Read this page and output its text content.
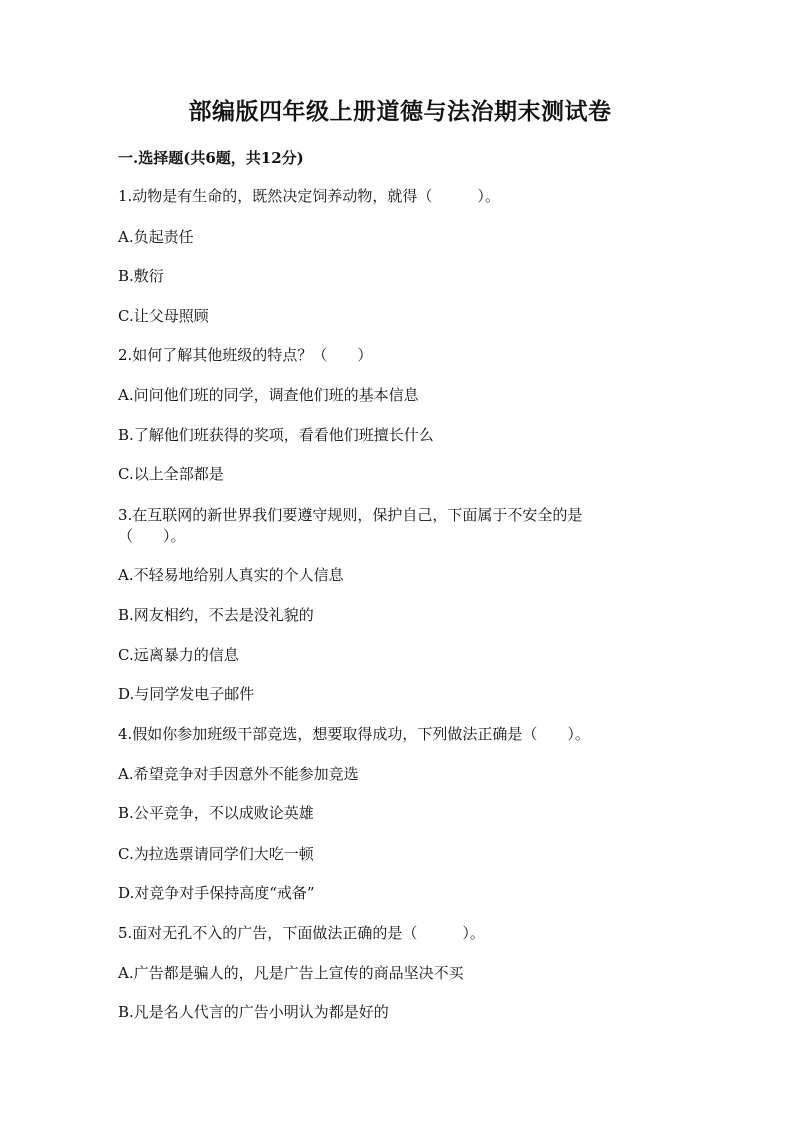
部编版四年级上册道德与法治期末测试卷
一.选择题(共6题，共12分)
1.动物是有生命的，既然决定饲养动物，就得（　　　）。
A.负起责任
B.敷衍
C.让父母照顾
2.如何了解其他班级的特点？（　　）
A.问问他们班的同学，调查他们班的基本信息
B.了解他们班获得的奖项，看看他们班擅长什么
C.以上全部都是
3.在互联网的新世界我们要遵守规则，保护自己，下面属于不安全的是
（　　）。
A.不轻易地给别人真实的个人信息
B.网友相约，不去是没礼貌的
C.远离暴力的信息
D.与同学发电子邮件
4.假如你参加班级干部竞选，想要取得成功，下列做法正确是（　　）。
A.希望竞争对手因意外不能参加竞选
B.公平竞争，不以成败论英雄
C.为拉选票请同学们大吃一顿
D.对竞争对手保持高度“戒备”
5.面对无孔不入的广告，下面做法正确的是（　　　）。
A.广告都是骗人的，凡是广告上宣传的商品坚决不买
B.凡是名人代言的广告小明认为都是好的
